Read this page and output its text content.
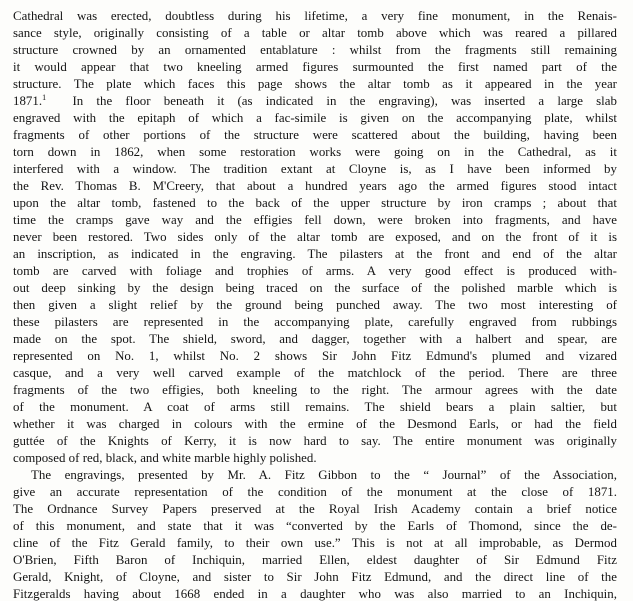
Cathedral was erected, doubtless during his lifetime, a very fine monument, in the Renais-
sance style, originally consisting of a table or altar tomb above which was reared a pillared
structure crowned by an ornamented entablature : whilst from the fragments still remaining
it would appear that two kneeling armed figures surmounted the first named part of the
structure. The plate which faces this page shows the altar tomb as it appeared in the year
1871.$^1$ In the floor beneath it (as indicated in the engraving), was inserted a large slab
engraved with the epitaph of which a fac-simile is given on the accompanying plate, whilst
fragments of other portions of the structure were scattered about the building, having been
torn down in 1862, when some restoration works were going on in the Cathedral, as it
interfered with a window. The tradition extant at Cloyne is, as I have been informed by
the Rev. Thomas B. M'Creery, that about a hundred years ago the armed figures stood intact
upon the altar tomb, fastened to the back of the upper structure by iron cramps ; about that
time the cramps gave way and the effigies fell down, were broken into fragments, and have
never been restored. Two sides only of the altar tomb are exposed, and on the front of it is
an inscription, as indicated in the engraving. The pilasters at the front and end of the altar
tomb are carved with foliage and trophies of arms. A very good effect is produced with-
out deep sinking by the design being traced on the surface of the polished marble which is
then given a slight relief by the ground being punched away. The two most interesting of
these pilasters are represented in the accompanying plate, carefully engraved from rubbings
made on the spot. The shield, sword, and dagger, together with a halbert and spear, are
represented on No. 1, whilst No. 2 shows Sir John Fitz Edmund's plumed and vizared
casque, and a very well carved example of the matchlock of the period. There are three
fragments of the two effigies, both kneeling to the right. The armour agrees with the date
of the monument. A coat of arms still remains. The shield bears a plain saltier, but
whether it was charged in colours with the ermine of the Desmond Earls, or had the field
guttée of the Knights of Kerry, it is now hard to say. The entire monument was originally
composed of red, black, and white marble highly polished.
The engravings, presented by Mr. A. Fitz Gibbon to the “ Journal” of the Association,
give an accurate representation of the condition of the monument at the close of 1871.
The Ordnance Survey Papers preserved at the Royal Irish Academy contain a brief notice
of this monument, and state that it was “converted by the Earls of Thomond, since the de-
cline of the Fitz Gerald family, to their own use.” This is not at all improbable, as Dermod
O'Brien, Fifth Baron of Inchiquin, married Ellen, eldest daughter of Sir Edmund Fitz
Gerald, Knight, of Cloyne, and sister to Sir John Fitz Edmund, and the direct line of the
Fitzgeralds having about 1668 ended in a daughter who was also married to an Inchiquin,
